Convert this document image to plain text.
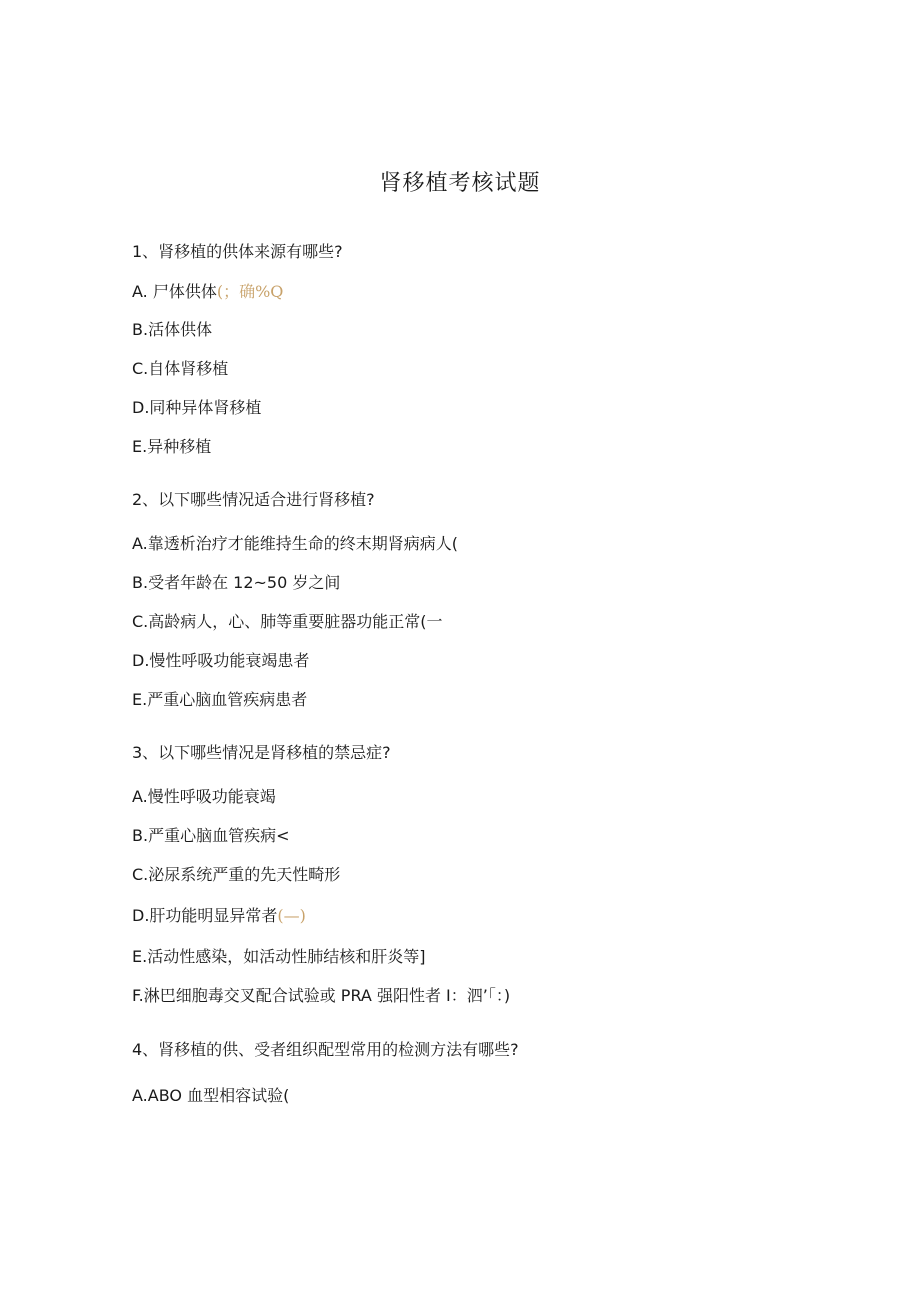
肾移植考核试题
1、肾移植的供体来源有哪些?
A. 尸体供体(；确%Q
B.活体供体
C.自体肾移植
D.同种异体肾移植
E.异种移植
2、以下哪些情况适合进行肾移植?
A.靠透析治疗才能维持生命的终末期肾病病人(
B.受者年龄在 12~50 岁之间
C.高龄病人，心、肺等重要脏器功能正常(一
D.慢性呼吸功能衰竭患者
E.严重心脑血管疾病患者
3、以下哪些情况是肾移植的禁忌症?
A.慢性呼吸功能衰竭
B.严重心脑血管疾病<
C.泌尿系统严重的先天性畸形
D.肝功能明显异常者(—)
E.活动性感染，如活动性肺结核和肝炎等]
F.淋巴细胞毒交叉配合试验或 PRA 强阳性者 I：泗’「：)
4、肾移植的供、受者组织配型常用的检测方法有哪些?
A.ABO 血型相容试验(
